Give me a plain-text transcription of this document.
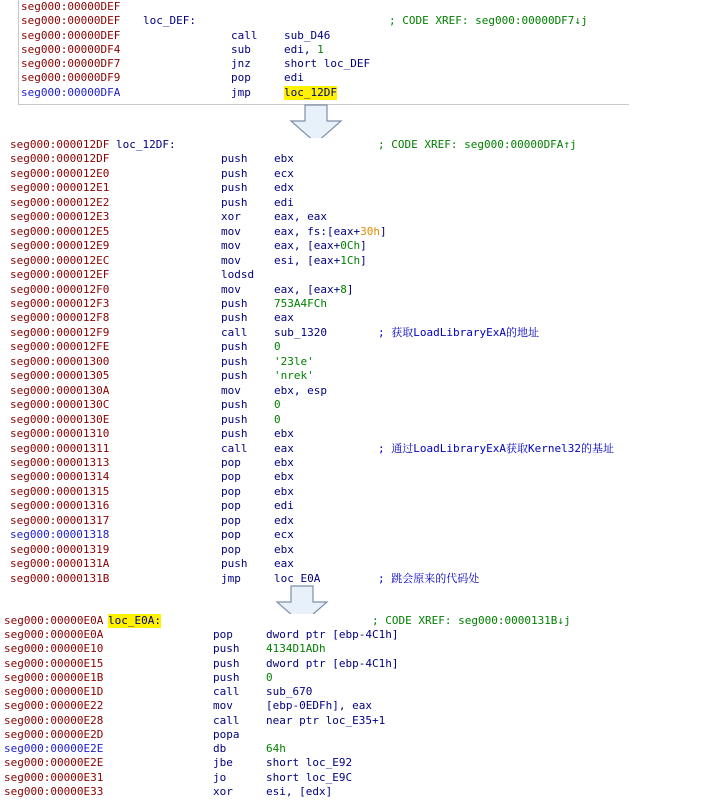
seg000:00000DEF
seg000:00000DEF loc_DEF:	; CODE XREF: seg000:00000DF7↓j
seg000:00000DEF	call sub_D46
seg000:00000DF4	sub	edi, 1
seg000:00000DF7	jnz	short loc_DEF
seg000:00000DF9	pop	edi
seg000:00000DFA	jmp	loc_12DF
seg000:000012DF loc_12DF:	; CODE XREF: seg000:00000DFA↑j
seg000:000012DF	push ebx
seg000:000012E0	push ecx
seg000:000012E1	push edx
seg000:000012E2	push edi
seg000:000012E3	xor	eax, eax
seg000:000012E5	mov	eax, fs:[eax+30h]
seg000:000012E9	mov	eax, [eax+0Ch]
seg000:000012EC	mov	esi, [eax+1Ch]
seg000:000012EF	lodsd
seg000:000012F0	mov	eax, [eax+8]
seg000:000012F3	push 753A4FCh
seg000:000012F8	push eax
seg000:000012F9	call sub_1320	; 获取LoadLibraryExA的地址
seg000:000012FE	push 0
seg000:00001300	push '23le'
seg000:00001305	push 'nrek'
seg000:0000130A	mov	ebx, esp
seg000:0000130C	push 0
seg000:0000130E	push 0
seg000:00001310	push ebx
seg000:00001311	call eax	; 通过LoadLibraryExA获取Kernel32的基址
seg000:00001313	pop	ebx
seg000:00001314	pop	ebx
seg000:00001315	pop	ebx
seg000:00001316	pop	edi
seg000:00001317	pop	edx
seg000:00001318	pop	ecx
seg000:00001319	pop	ebx
seg000:0000131A	push eax
seg000:0000131B	jmp	loc_E0A	; 跳会原来的代码处
seg000:00000E0A loc_E0A:	; CODE XREF: seg000:0000131B↓j
seg000:00000E0A	pop	dword ptr [ebp-4C1h]
seg000:00000E10	push 4134D1ADh
seg000:00000E15	push dword ptr [ebp-4C1h]
seg000:00000E1B	push 0
seg000:00000E1D	call sub_670
seg000:00000E22	mov	[ebp-0EDFh], eax
seg000:00000E28	call near ptr loc_E35+1
seg000:00000E2D	popa
seg000:00000E2E	db	64h
seg000:00000E2E	jbe	short loc_E92
seg000:00000E31	jo	short loc_E9C
seg000:00000E33	xor	esi, [edx]
